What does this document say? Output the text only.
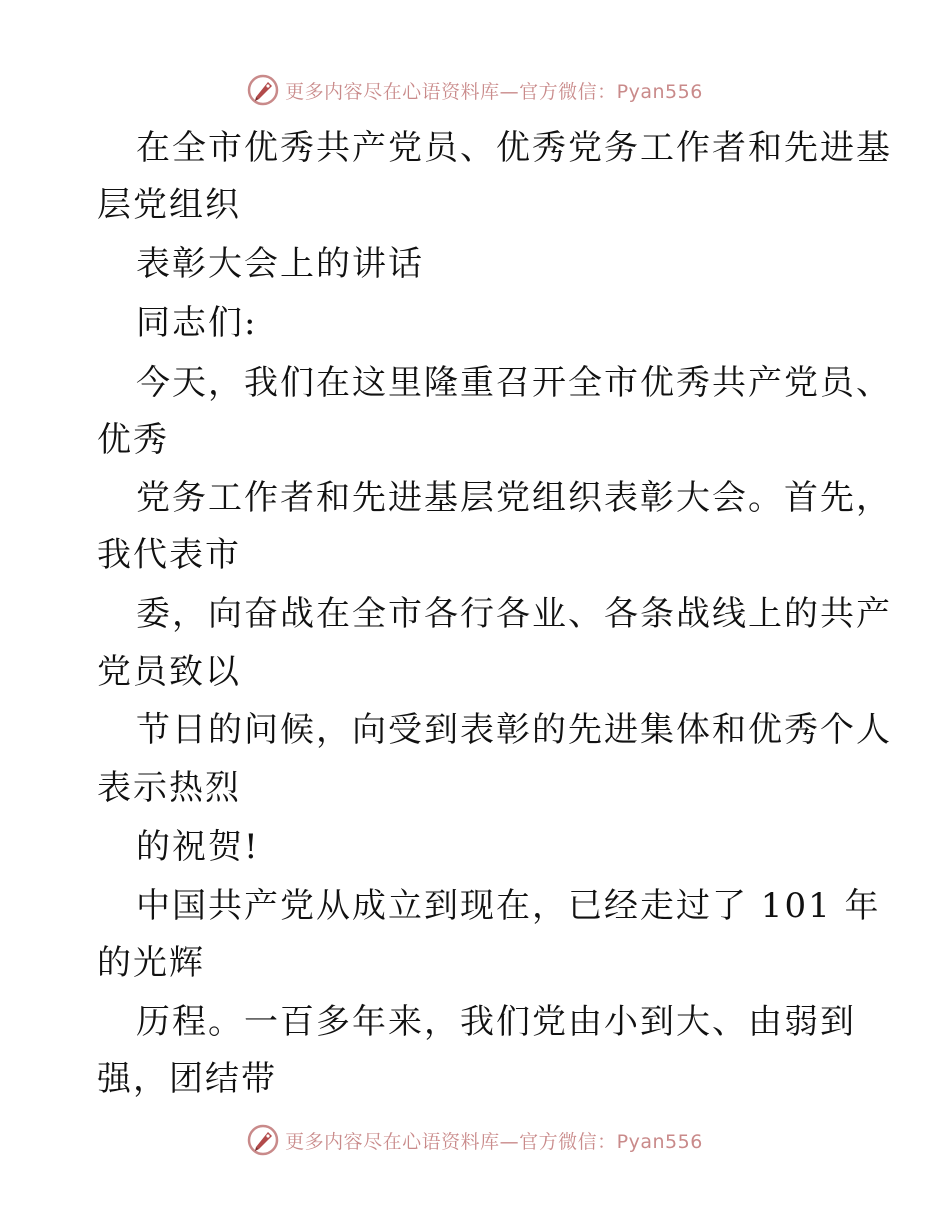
更多内容尽在心语资料库—官方微信：Pyan556
在全市优秀共产党员、优秀党务工作者和先进基
层党组织
表彰大会上的讲话
同志们:
今天，我们在这里隆重召开全市优秀共产党员、
优秀
党务工作者和先进基层党组织表彰大会。首先，
我代表市
委，向奋战在全市各行各业、各条战线上的共产
党员致以
节日的问候，向受到表彰的先进集体和优秀个人
表示热烈
的祝贺!
中国共产党从成立到现在，已经走过了 101 年
的光辉
历程。一百多年来，我们党由小到大、由弱到
强，团结带
更多内容尽在心语资料库—官方微信：Pyan556
